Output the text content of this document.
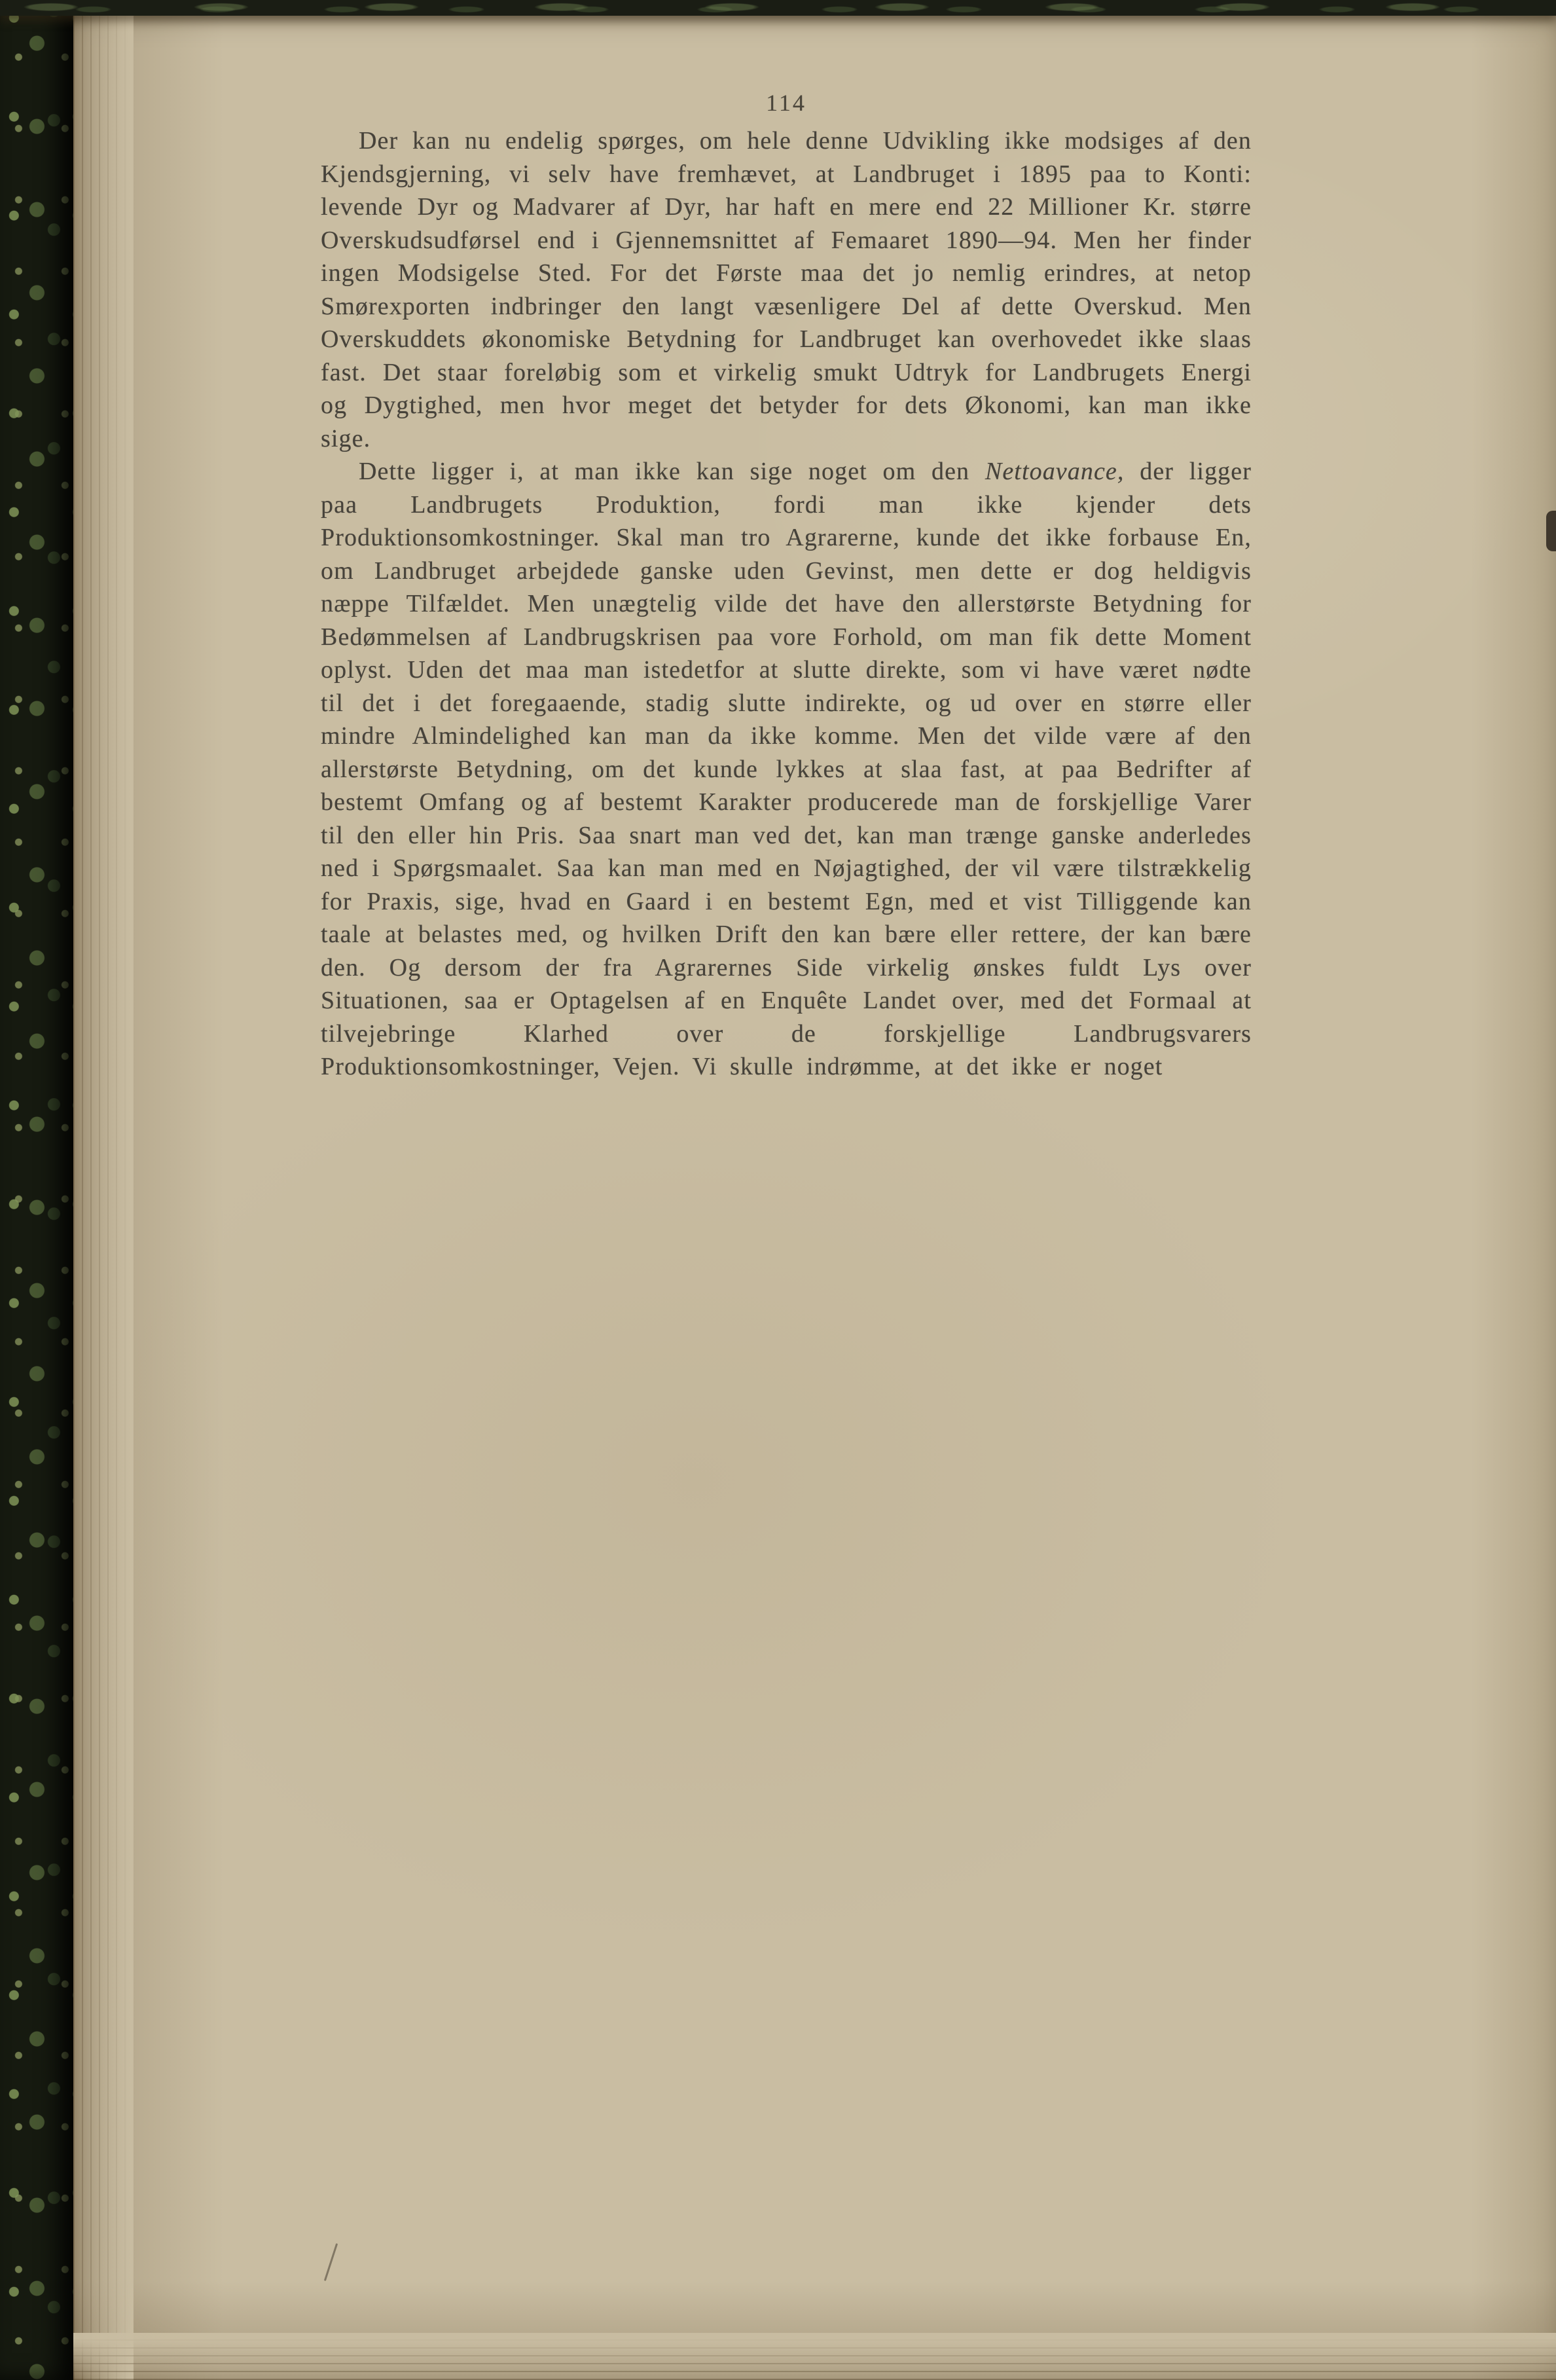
114

Der kan nu endelig spørges, om hele denne Udvikling ikke modsiges af den Kjendsgjerning, vi selv have fremhævet, at Landbruget i 1895 paa to Konti: levende Dyr og Madvarer af Dyr, har haft en mere end 22 Millioner Kr. større Overskudsudførsel end i Gjennemsnittet af Femaaret 1890—94. Men her finder ingen Modsigelse Sted. For det Første maa det jo nemlig erindres, at netop Smørexporten indbringer den langt væsenligere Del af dette Overskud. Men Overskuddets økonomiske Betydning for Landbruget kan overhovedet ikke slaas fast. Det staar foreløbig som et virkelig smukt Udtryk for Landbrugets Energi og Dygtighed, men hvor meget det betyder for dets Økonomi, kan man ikke sige.

Dette ligger i, at man ikke kan sige noget om den Nettoavance, der ligger paa Landbrugets Produktion, fordi man ikke kjender dets Produktionsomkostninger. Skal man tro Agrarerne, kunde det ikke forbause En, om Landbruget arbejdede ganske uden Gevinst, men dette er dog heldigvis næppe Tilfældet. Men unægtelig vilde det have den allerstørste Betydning for Bedømmelsen af Landbrugskrisen paa vore Forhold, om man fik dette Moment oplyst. Uden det maa man istedetfor at slutte direkte, som vi have været nødte til det i det foregaaende, stadig slutte indirekte, og ud over en større eller mindre Almindelighed kan man da ikke komme. Men det vilde være af den allerstørste Betydning, om det kunde lykkes at slaa fast, at paa Bedrifter af bestemt Omfang og af bestemt Karakter producerede man de forskjellige Varer til den eller hin Pris. Saa snart man ved det, kan man trænge ganske anderledes ned i Spørgsmaalet. Saa kan man med en Nøjagtighed, der vil være tilstrækkelig for Praxis, sige, hvad en Gaard i en bestemt Egn, med et vist Tilliggende kan taale at belastes med, og hvilken Drift den kan bære eller rettere, der kan bære den. Og dersom der fra Agrarernes Side virkelig ønskes fuldt Lys over Situationen, saa er Optagelsen af en Enquête Landet over, med det Formaal at tilvejebringe Klarhed over de forskjellige Landbrugsvarers Produktionsomkostninger, Vejen. Vi skulle indrømme, at det ikke er noget
